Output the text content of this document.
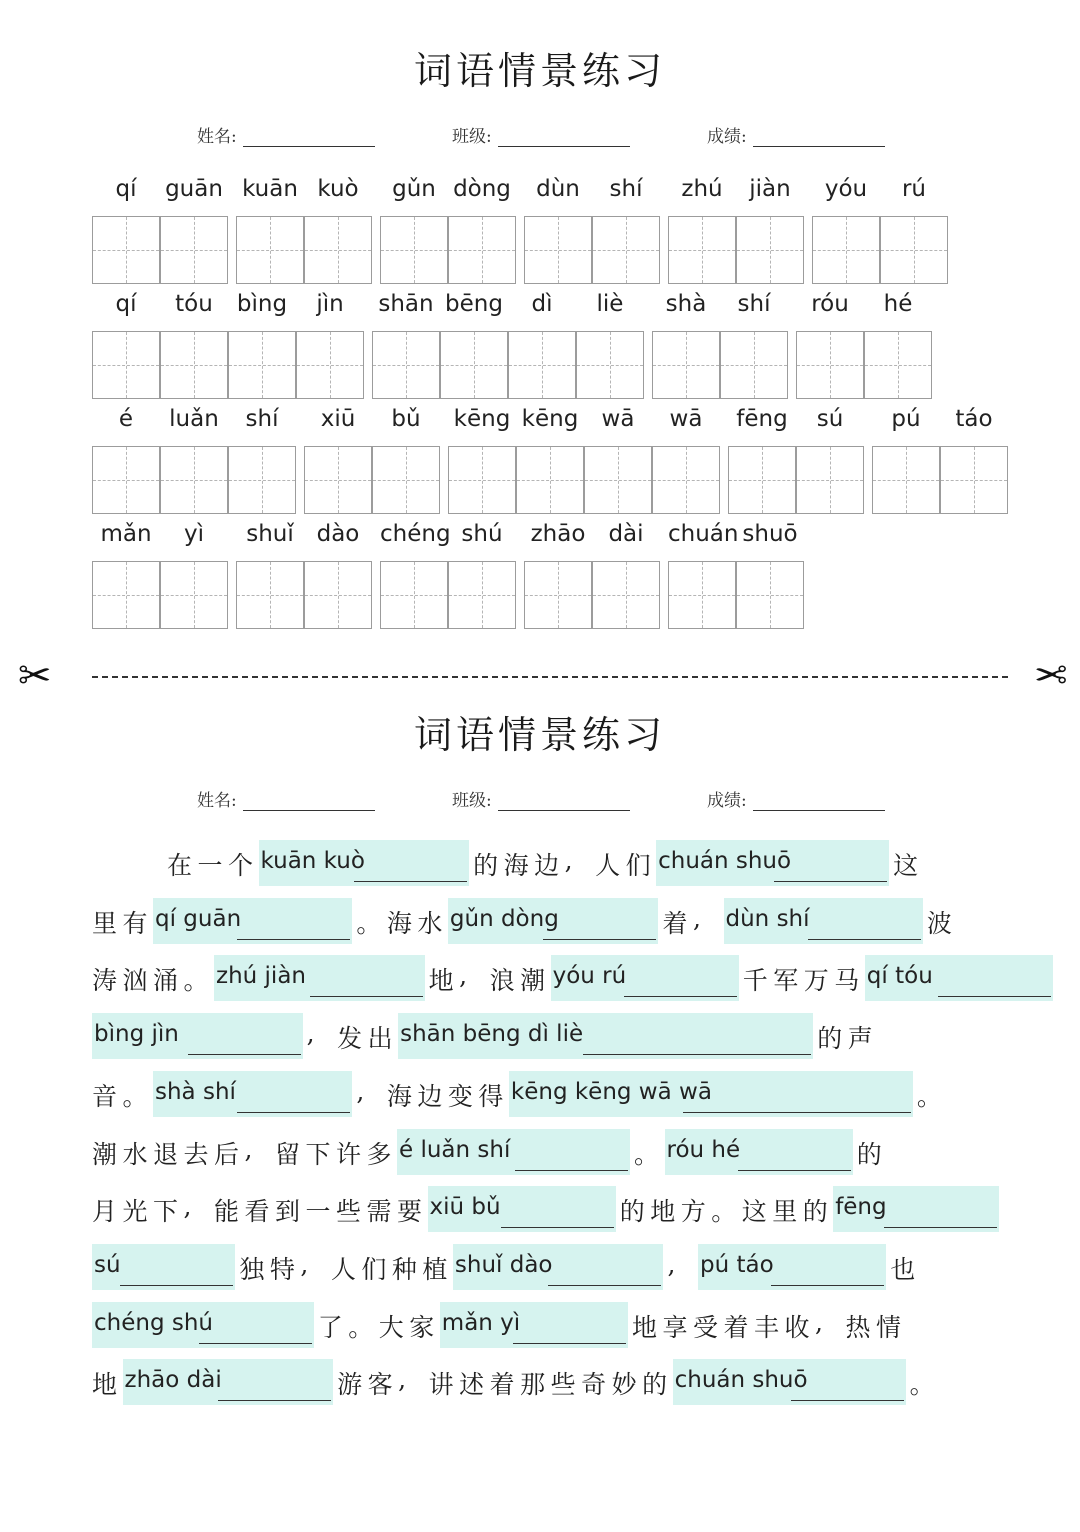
词语情景练习
姓名:	班级:	成绩:
qí	guān kuān kuò	gǔn dòng	dùn	shí	zhú	jiàn	yóu	rú
qí	tóu	bìng	jìn	shān bēng	dì	liè	shà	shí	róu	hé
é	luǎn	shí	xiū	bǔ	kēng kēng	wā	wā	fēng	sú	pú	táo
mǎn	yì	shuǐ dào chéng shú	zhāo	dài	chuán shuō
✂	✂
词语情景练习
姓名:	班级:	成绩:
在 一 个 kuān kuò	的 海 边 , 人 们 chuán shuō	这
里 有 qí guān	。 海 水 gǔn dòng	着 , dùn shí	波
涛 汹 涌 。 zhú jiàn	地 , 浪 潮 yóu rú	千 军 万 马 qí tóu
bìng jìn	, 发 出 shān bēng dì liè	的 声
音 。 shà shí	, 海 边 变 得 kēng kēng wā wā	。
潮 水 退 去 后 , 留 下 许 多 é luǎn shí	。 róu hé	的
月 光 下 , 能 看 到 一 些 需 要 xiū bǔ	的 地 方 。 这 里 的 fēng
sú	独 特 , 人 们 种 植 shuǐ dào	, pú táo	也
chéng shú	了 。 大 家 mǎn yì	地 享 受 着 丰 收 , 热 情
地 zhāo dài	游 客 , 讲 述 着 那 些 奇 妙 的 chuán shuō	。
